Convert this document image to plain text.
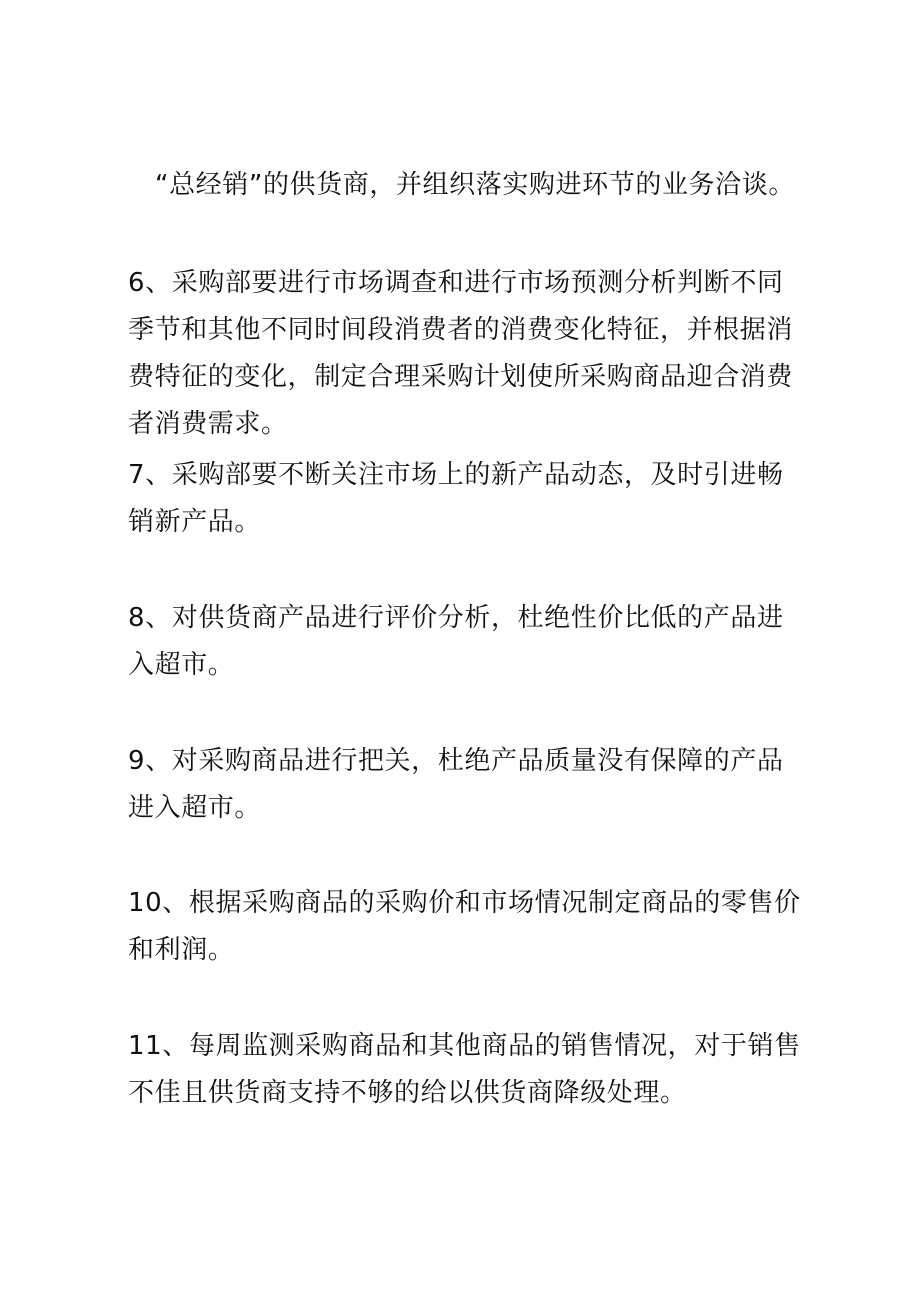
“总经销”的供货商，并组织落实购进环节的业务洽谈。

6、采购部要进行市场调查和进行市场预测分析判断不同季节和其他不同时间段消费者的消费变化特征，并根据消费特征的变化，制定合理采购计划使所采购商品迎合消费者消费需求。

7、采购部要不断关注市场上的新产品动态，及时引进畅销新产品。

8、对供货商产品进行评价分析，杜绝性价比低的产品进入超市。

9、对采购商品进行把关，杜绝产品质量没有保障的产品进入超市。

10、根据采购商品的采购价和市场情况制定商品的零售价和利润。

11、每周监测采购商品和其他商品的销售情况，对于销售不佳且供货商支持不够的给以供货商降级处理。
